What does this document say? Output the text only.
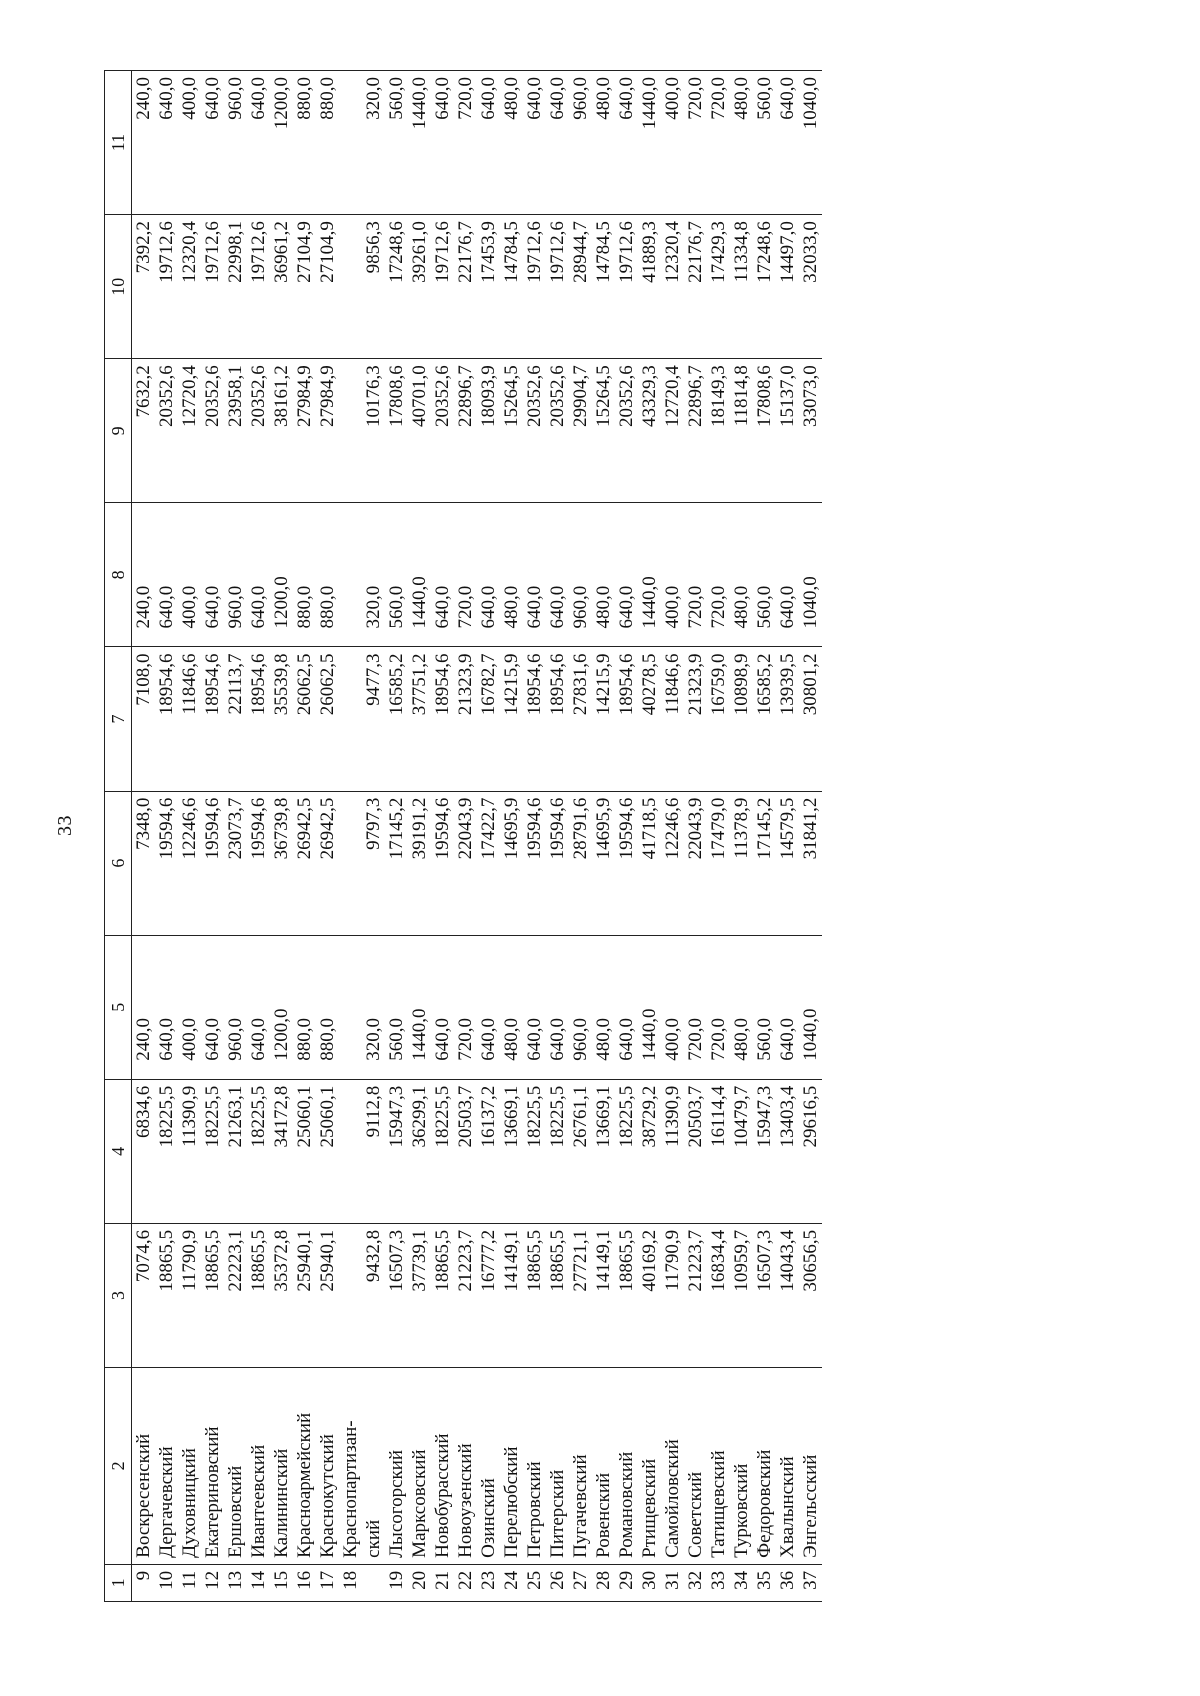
33
1	2	3	4	5	6	7	8	9	10	11
9	Воскресенский	7074,6	6834,6	240,0	7348,0	7108,0	240,0	7632,2	7392,2	240,0
10	Дергачевский	18865,5	18225,5	640,0	19594,6	18954,6	640,0	20352,6	19712,6	640,0
11	Духовницкий	11790,9	11390,9	400,0	12246,6	11846,6	400,0	12720,4	12320,4	400,0
12	Екатериновский	18865,5	18225,5	640,0	19594,6	18954,6	640,0	20352,6	19712,6	640,0
13	Ершовский	22223,1	21263,1	960,0	23073,7	22113,7	960,0	23958,1	22998,1	960,0
14	Ивантеевский	18865,5	18225,5	640,0	19594,6	18954,6	640,0	20352,6	19712,6	640,0
15	Калининский	35372,8	34172,8	1200,0	36739,8	35539,8	1200,0	38161,2	36961,2	1200,0
16	Красноармейский	25940,1	25060,1	880,0	26942,5	26062,5	880,0	27984,9	27104,9	880,0
17	Краснокутский	25940,1	25060,1	880,0	26942,5	26062,5	880,0	27984,9	27104,9	880,0
18	Краснопартизан-									
	ский	9432,8	9112,8	320,0	9797,3	9477,3	320,0	10176,3	9856,3	320,0
19	Лысогорский	16507,3	15947,3	560,0	17145,2	16585,2	560,0	17808,6	17248,6	560,0
20	Марксовский	37739,1	36299,1	1440,0	39191,2	37751,2	1440,0	40701,0	39261,0	1440,0
21	Новобурасский	18865,5	18225,5	640,0	19594,6	18954,6	640,0	20352,6	19712,6	640,0
22	Новоузенский	21223,7	20503,7	720,0	22043,9	21323,9	720,0	22896,7	22176,7	720,0
23	Озинский	16777,2	16137,2	640,0	17422,7	16782,7	640,0	18093,9	17453,9	640,0
24	Перелюбский	14149,1	13669,1	480,0	14695,9	14215,9	480,0	15264,5	14784,5	480,0
25	Петровский	18865,5	18225,5	640,0	19594,6	18954,6	640,0	20352,6	19712,6	640,0
26	Питерский	18865,5	18225,5	640,0	19594,6	18954,6	640,0	20352,6	19712,6	640,0
27	Пугачевский	27721,1	26761,1	960,0	28791,6	27831,6	960,0	29904,7	28944,7	960,0
28	Ровенский	14149,1	13669,1	480,0	14695,9	14215,9	480,0	15264,5	14784,5	480,0
29	Романовский	18865,5	18225,5	640,0	19594,6	18954,6	640,0	20352,6	19712,6	640,0
30	Ртищевский	40169,2	38729,2	1440,0	41718,5	40278,5	1440,0	43329,3	41889,3	1440,0
31	Самойловский	11790,9	11390,9	400,0	12246,6	11846,6	400,0	12720,4	12320,4	400,0
32	Советский	21223,7	20503,7	720,0	22043,9	21323,9	720,0	22896,7	22176,7	720,0
33	Татищевский	16834,4	16114,4	720,0	17479,0	16759,0	720,0	18149,3	17429,3	720,0
34	Турковский	10959,7	10479,7	480,0	11378,9	10898,9	480,0	11814,8	11334,8	480,0
35	Федоровский	16507,3	15947,3	560,0	17145,2	16585,2	560,0	17808,6	17248,6	560,0
36	Хвалынский	14043,4	13403,4	640,0	14579,5	13939,5	640,0	15137,0	14497,0	640,0
37	Энгельсский	30656,5	29616,5	1040,0	31841,2	30801,2	1040,0	33073,0	32033,0	1040,0
